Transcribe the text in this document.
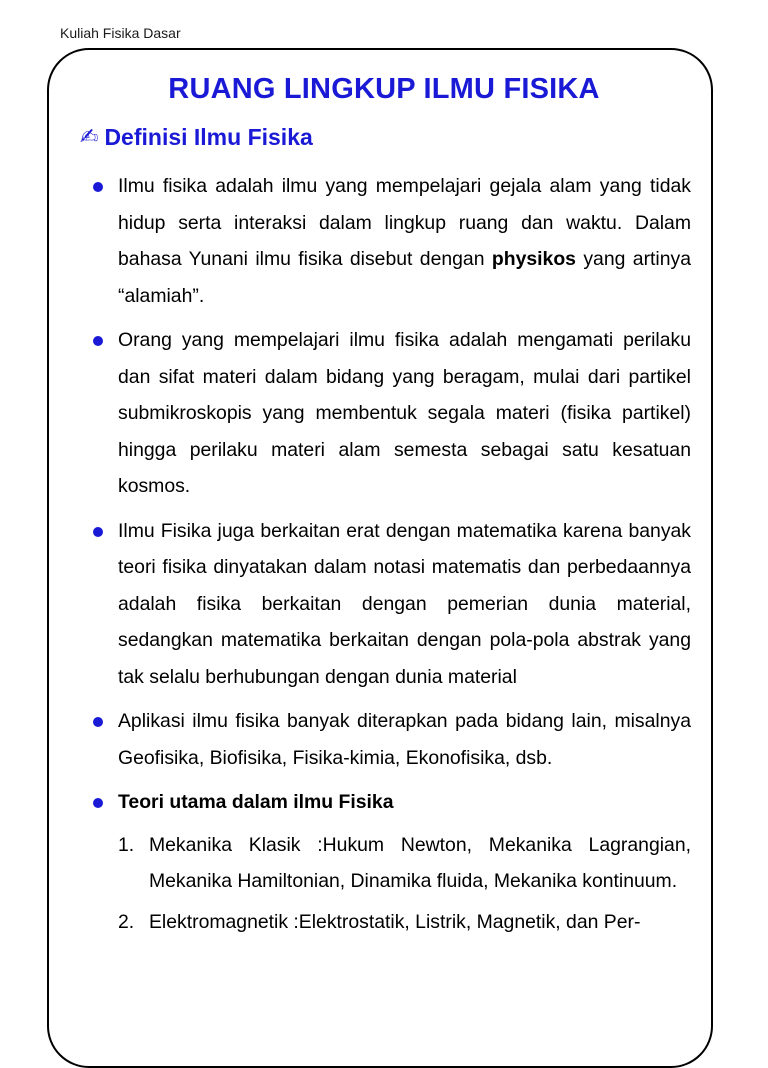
Kuliah Fisika Dasar
RUANG LINGKUP ILMU FISIKA
✍ Definisi Ilmu Fisika
Ilmu fisika adalah ilmu yang mempelajari gejala alam yang tidak hidup serta interaksi dalam lingkup ruang dan waktu. Dalam bahasa Yunani ilmu fisika disebut dengan physikos yang artinya “alamiah”.
Orang yang mempelajari ilmu fisika adalah mengamati perilaku dan sifat materi dalam bidang yang beragam, mulai dari partikel submikroskopis yang membentuk segala materi (fisika partikel) hingga perilaku materi alam semesta sebagai satu kesatuan kosmos.
Ilmu Fisika juga berkaitan erat dengan matematika karena banyak teori fisika dinyatakan dalam notasi matematis dan perbedaannya adalah fisika berkaitan dengan pemerian dunia material, sedangkan matematika berkaitan dengan pola-pola abstrak yang tak selalu berhubungan dengan dunia material
Aplikasi ilmu fisika banyak diterapkan pada bidang lain, misalnya Geofisika, Biofisika, Fisika-kimia, Ekonofisika, dsb.
Teori utama dalam ilmu Fisika
1. Mekanika Klasik :Hukum Newton, Mekanika Lagrangian, Mekanika Hamiltonian, Dinamika fluida, Mekanika kontinuum.
2. Elektromagnetik :Elektrostatik, Listrik, Magnetik, dan Per-
